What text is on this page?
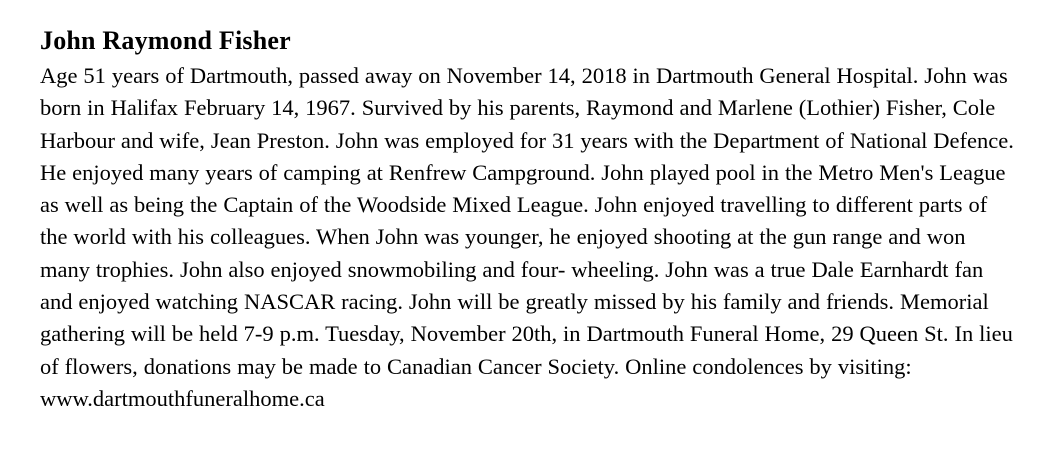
John Raymond Fisher

Age 51 years of Dartmouth, passed away on November 14, 2018 in Dartmouth General Hospital. John was born in Halifax February 14, 1967. Survived by his parents, Raymond and Marlene (Lothier) Fisher, Cole Harbour and wife, Jean Preston. John was employed for 31 years with the Department of National Defence. He enjoyed many years of camping at Renfrew Campground. John played pool in the Metro Men's League as well as being the Captain of the Woodside Mixed League. John enjoyed travelling to different parts of the world with his colleagues. When John was younger, he enjoyed shooting at the gun range and won many trophies. John also enjoyed snowmobiling and four- wheeling. John was a true Dale Earnhardt fan and enjoyed watching NASCAR racing. John will be greatly missed by his family and friends. Memorial gathering will be held 7-9 p.m. Tuesday, November 20th, in Dartmouth Funeral Home, 29 Queen St. In lieu of flowers, donations may be made to Canadian Cancer Society. Online condolences by visiting: www.dartmouthfuneralhome.ca
